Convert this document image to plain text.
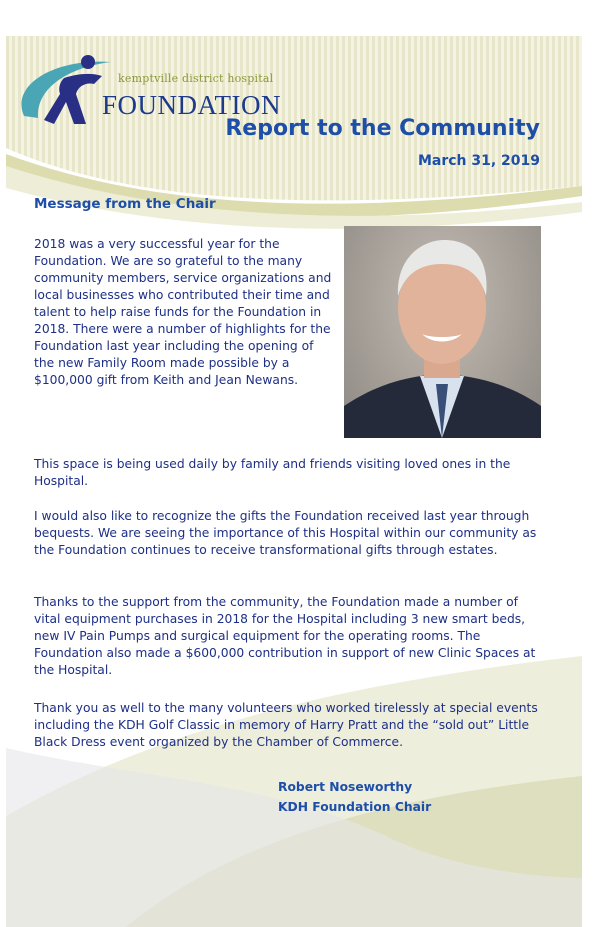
kemptville district hospital
FOUNDATION
Report to the Community
March 31, 2019
Message from the Chair
2018 was a very successful year for the Foundation. We are so grateful to the many community members, service organizations and local businesses who contributed their time and talent to help raise funds for the Foundation in 2018. There were a number of highlights for the Foundation last year including the opening of the new Family Room made possible by a $100,000 gift from Keith and Jean Newans.
This space is being used daily by family and friends visiting loved ones in the Hospital.
I would also like to recognize the gifts the Foundation received last year through bequests. We are seeing the importance of this Hospital within our community as the Foundation continues to receive transformational gifts through estates.
Thanks to the support from the community, the Foundation made a number of vital equipment purchases in 2018 for the Hospital including 3 new smart beds, new IV Pain Pumps and surgical equipment for the operating rooms. The Foundation also made a $600,000 contribution in support of new Clinic Spaces at the Hospital.
Thank you as well to the many volunteers who worked tirelessly at special events including the KDH Golf Classic in memory of Harry Pratt and the “sold out” Little Black Dress event organized by the Chamber of Commerce.
Robert Noseworthy
KDH Foundation Chair
